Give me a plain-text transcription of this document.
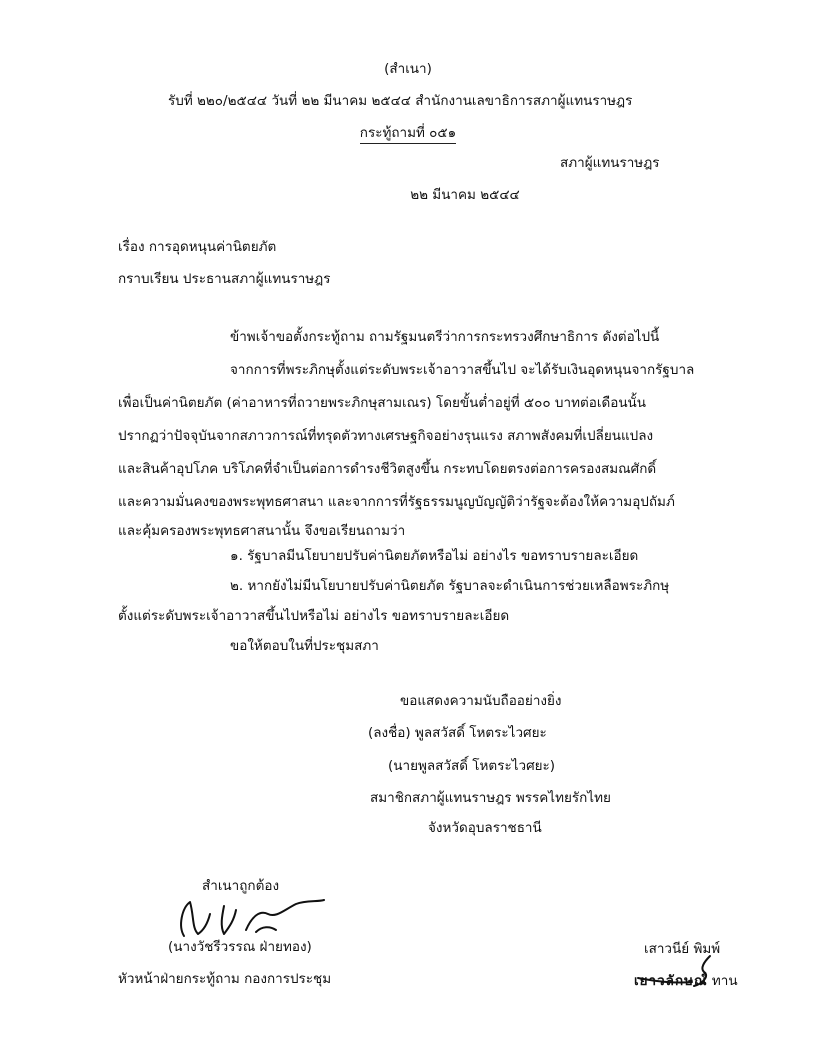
(สำเนา)
รับที่ ๒๒๐/๒๕๔๔ วันที่ ๒๒ มีนาคม ๒๕๔๔ สำนักงานเลขาธิการสภาผู้แทนราษฎร
กระทู้ถามที่ ๐๕๑
สภาผู้แทนราษฎร
๒๒ มีนาคม ๒๕๔๔
เรื่อง การอุดหนุนค่านิตยภัต
กราบเรียน ประธานสภาผู้แทนราษฎร
ข้าพเจ้าขอตั้งกระทู้ถาม ถามรัฐมนตรีว่าการกระทรวงศึกษาธิการ ดังต่อไปนี้
จากการที่พระภิกษุตั้งแต่ระดับพระเจ้าอาวาสขึ้นไป จะได้รับเงินอุดหนุนจากรัฐบาล
เพื่อเป็นค่านิตยภัต (ค่าอาหารที่ถวายพระภิกษุสามเณร) โดยขั้นต่ำอยู่ที่ ๕๐๐ บาทต่อเดือนนั้น
ปรากฏว่าปัจจุบันจากสภาวการณ์ที่ทรุดตัวทางเศรษฐกิจอย่างรุนแรง สภาพสังคมที่เปลี่ยนแปลง
และสินค้าอุปโภค บริโภคที่จำเป็นต่อการดำรงชีวิตสูงขึ้น กระทบโดยตรงต่อการครองสมณศักดิ์
และความมั่นคงของพระพุทธศาสนา และจากการที่รัฐธรรมนูญบัญญัติว่ารัฐจะต้องให้ความอุปถัมภ์
และคุ้มครองพระพุทธศาสนานั้น จึงขอเรียนถามว่า
๑. รัฐบาลมีนโยบายปรับค่านิตยภัตหรือไม่ อย่างไร ขอทราบรายละเอียด
๒. หากยังไม่มีนโยบายปรับค่านิตยภัต รัฐบาลจะดำเนินการช่วยเหลือพระภิกษุ
ตั้งแต่ระดับพระเจ้าอาวาสขึ้นไปหรือไม่ อย่างไร ขอทราบรายละเอียด
ขอให้ตอบในที่ประชุมสภา
ขอแสดงความนับถืออย่างยิ่ง
(ลงชื่อ) พูลสวัสดิ์ โหตระไวศยะ
(นายพูลสวัสดิ์ โหตระไวศยะ)
สมาชิกสภาผู้แทนราษฎร พรรคไทยรักไทย
จังหวัดอุบลราชธานี
สำเนาถูกต้อง
(นางวัชรีวรรณ ฝ่ายทอง)
หัวหน้าฝ่ายกระทู้ถาม กองการประชุม
เสาวนีย์ พิมพ์
เยาวลักษณ์ ทาน
